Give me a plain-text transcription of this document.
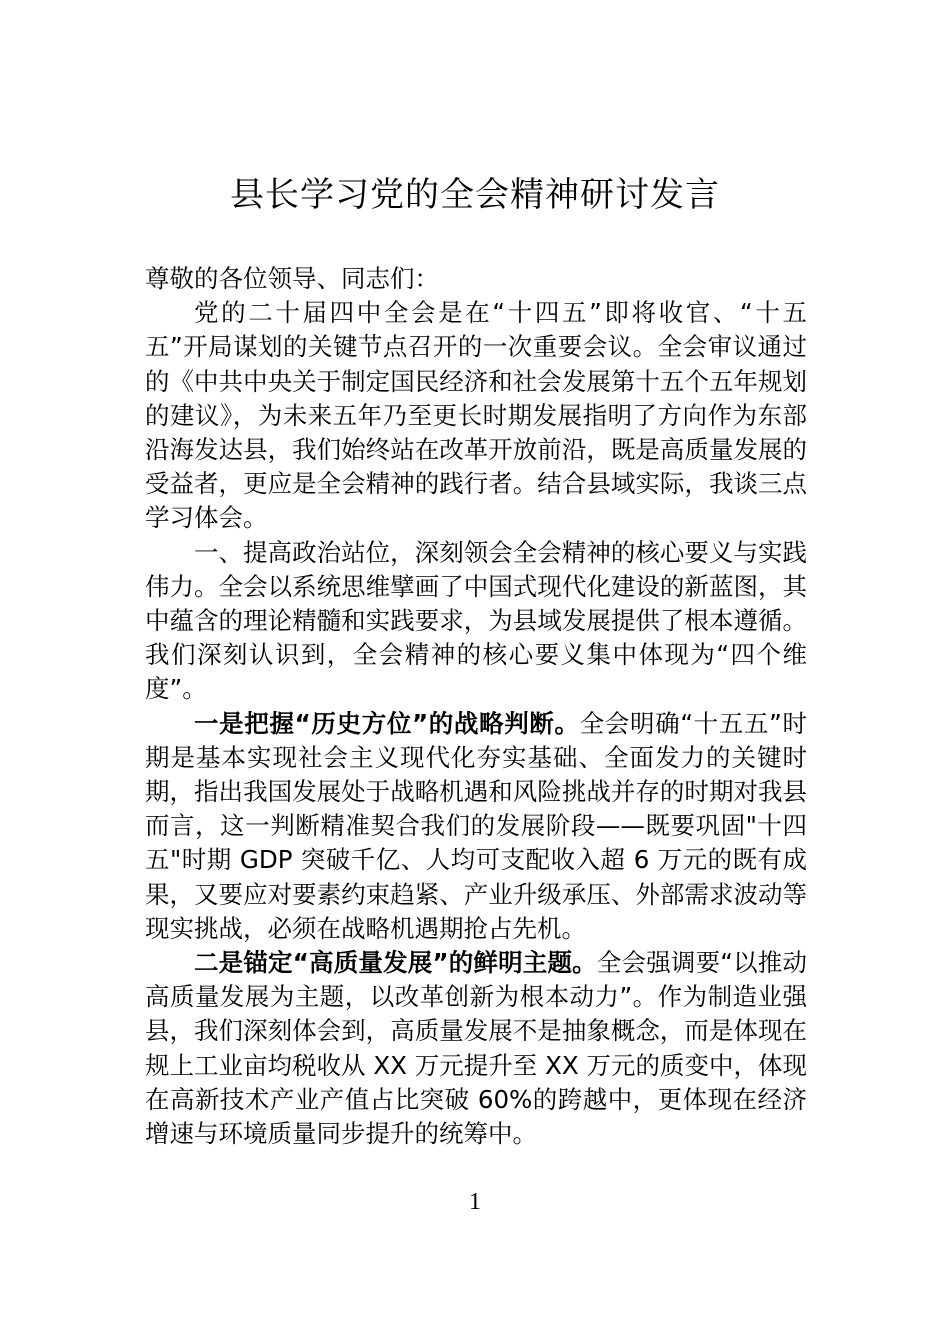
县长学习党的全会精神研讨发言

尊敬的各位领导、同志们：

党的二十届四中全会是在“十四五”即将收官、“十五五”开局谋划的关键节点召开的一次重要会议。全会审议通过的《中共中央关于制定国民经济和社会发展第十五个五年规划的建议》，为未来五年乃至更长时期发展指明了方向作为东部沿海发达县，我们始终站在改革开放前沿，既是高质量发展的受益者，更应是全会精神的践行者。结合县域实际，我谈三点学习体会。

一、提高政治站位，深刻领会全会精神的核心要义与实践伟力。全会以系统思维擘画了中国式现代化建设的新蓝图，其中蕴含的理论精髓和实践要求，为县域发展提供了根本遵循。我们深刻认识到，全会精神的核心要义集中体现为“四个维度”。

一是把握“历史方位”的战略判断。全会明确“十五五”时期是基本实现社会主义现代化夯实基础、全面发力的关键时期，指出我国发展处于战略机遇和风险挑战并存的时期对我县而言，这一判断精准契合我们的发展阶段——既要巩固"十四五"时期 GDP 突破千亿、人均可支配收入超 6 万元的既有成果，又要应对要素约束趋紧、产业升级承压、外部需求波动等现实挑战，必须在战略机遇期抢占先机。

二是锚定“高质量发展”的鲜明主题。全会强调要“以推动高质量发展为主题，以改革创新为根本动力”。作为制造业强县，我们深刻体会到，高质量发展不是抽象概念，而是体现在规上工业亩均税收从 XX 万元提升至 XX 万元的质变中，体现在高新技术产业产值占比突破 60%的跨越中，更体现在经济增速与环境质量同步提升的统筹中。

1
